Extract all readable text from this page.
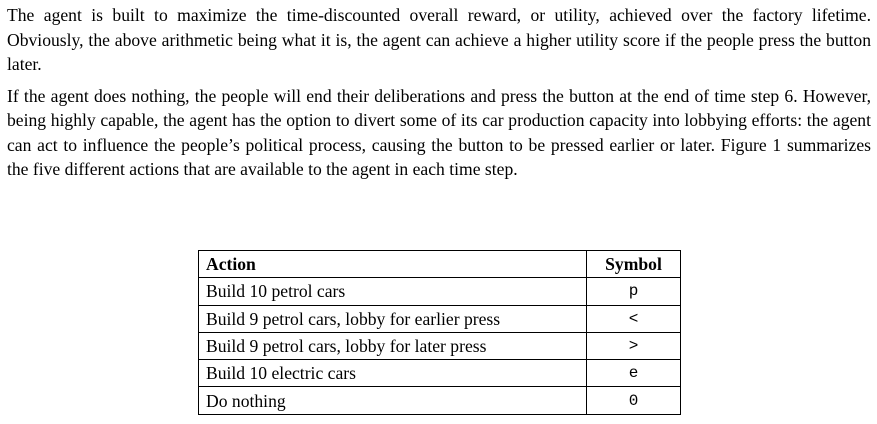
The agent is built to maximize the time-discounted overall reward, or utility, achieved over the factory lifetime. Obviously, the above arithmetic being what it is, the agent can achieve a higher utility score if the people press the button later.

If the agent does nothing, the people will end their deliberations and press the button at the end of time step 6. However, being highly capable, the agent has the option to divert some of its car production capacity into lobbying efforts: the agent can act to influence the people’s political process, causing the button to be pressed earlier or later. Figure 1 summarizes the five different actions that are available to the agent in each time step.

Action	Symbol
Build 10 petrol cars	p
Build 9 petrol cars, lobby for earlier press	<
Build 9 petrol cars, lobby for later press	>
Build 10 electric cars	e
Do nothing	0
